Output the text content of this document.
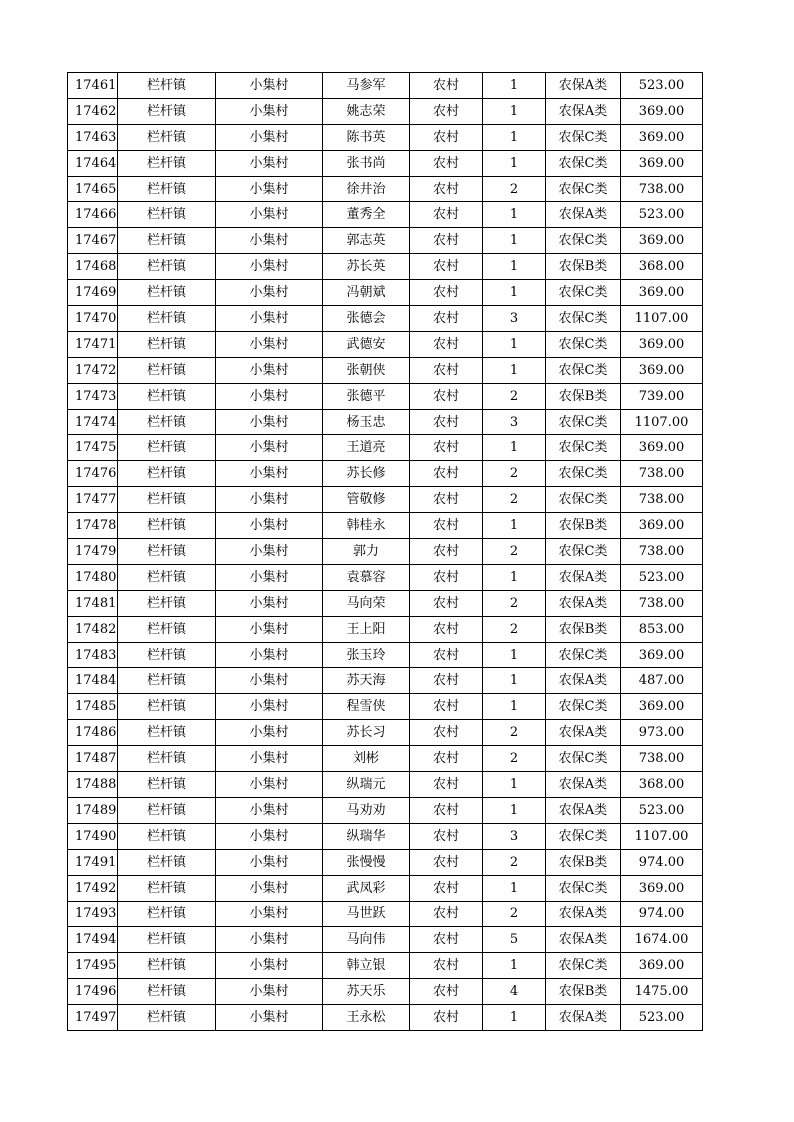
17461	栏杆镇	小集村	马参军	农村	1	农保A类	523.00
17462	栏杆镇	小集村	姚志荣	农村	1	农保A类	369.00
17463	栏杆镇	小集村	陈书英	农村	1	农保C类	369.00
17464	栏杆镇	小集村	张书尚	农村	1	农保C类	369.00
17465	栏杆镇	小集村	徐井治	农村	2	农保C类	738.00
17466	栏杆镇	小集村	董秀全	农村	1	农保A类	523.00
17467	栏杆镇	小集村	郭志英	农村	1	农保C类	369.00
17468	栏杆镇	小集村	苏长英	农村	1	农保B类	368.00
17469	栏杆镇	小集村	冯朝斌	农村	1	农保C类	369.00
17470	栏杆镇	小集村	张德会	农村	3	农保C类	1107.00
17471	栏杆镇	小集村	武德安	农村	1	农保C类	369.00
17472	栏杆镇	小集村	张朝侠	农村	1	农保C类	369.00
17473	栏杆镇	小集村	张德平	农村	2	农保B类	739.00
17474	栏杆镇	小集村	杨玉忠	农村	3	农保C类	1107.00
17475	栏杆镇	小集村	王道亮	农村	1	农保C类	369.00
17476	栏杆镇	小集村	苏长修	农村	2	农保C类	738.00
17477	栏杆镇	小集村	管敬修	农村	2	农保C类	738.00
17478	栏杆镇	小集村	韩桂永	农村	1	农保B类	369.00
17479	栏杆镇	小集村	郭力	农村	2	农保C类	738.00
17480	栏杆镇	小集村	袁慕容	农村	1	农保A类	523.00
17481	栏杆镇	小集村	马向荣	农村	2	农保A类	738.00
17482	栏杆镇	小集村	王上阳	农村	2	农保B类	853.00
17483	栏杆镇	小集村	张玉玲	农村	1	农保C类	369.00
17484	栏杆镇	小集村	苏天海	农村	1	农保A类	487.00
17485	栏杆镇	小集村	程雪侠	农村	1	农保C类	369.00
17486	栏杆镇	小集村	苏长习	农村	2	农保A类	973.00
17487	栏杆镇	小集村	刘彬	农村	2	农保C类	738.00
17488	栏杆镇	小集村	纵瑞元	农村	1	农保A类	368.00
17489	栏杆镇	小集村	马劝劝	农村	1	农保A类	523.00
17490	栏杆镇	小集村	纵瑞华	农村	3	农保C类	1107.00
17491	栏杆镇	小集村	张慢慢	农村	2	农保B类	974.00
17492	栏杆镇	小集村	武凤彩	农村	1	农保C类	369.00
17493	栏杆镇	小集村	马世跃	农村	2	农保A类	974.00
17494	栏杆镇	小集村	马向伟	农村	5	农保A类	1674.00
17495	栏杆镇	小集村	韩立银	农村	1	农保C类	369.00
17496	栏杆镇	小集村	苏天乐	农村	4	农保B类	1475.00
17497	栏杆镇	小集村	王永松	农村	1	农保A类	523.00
